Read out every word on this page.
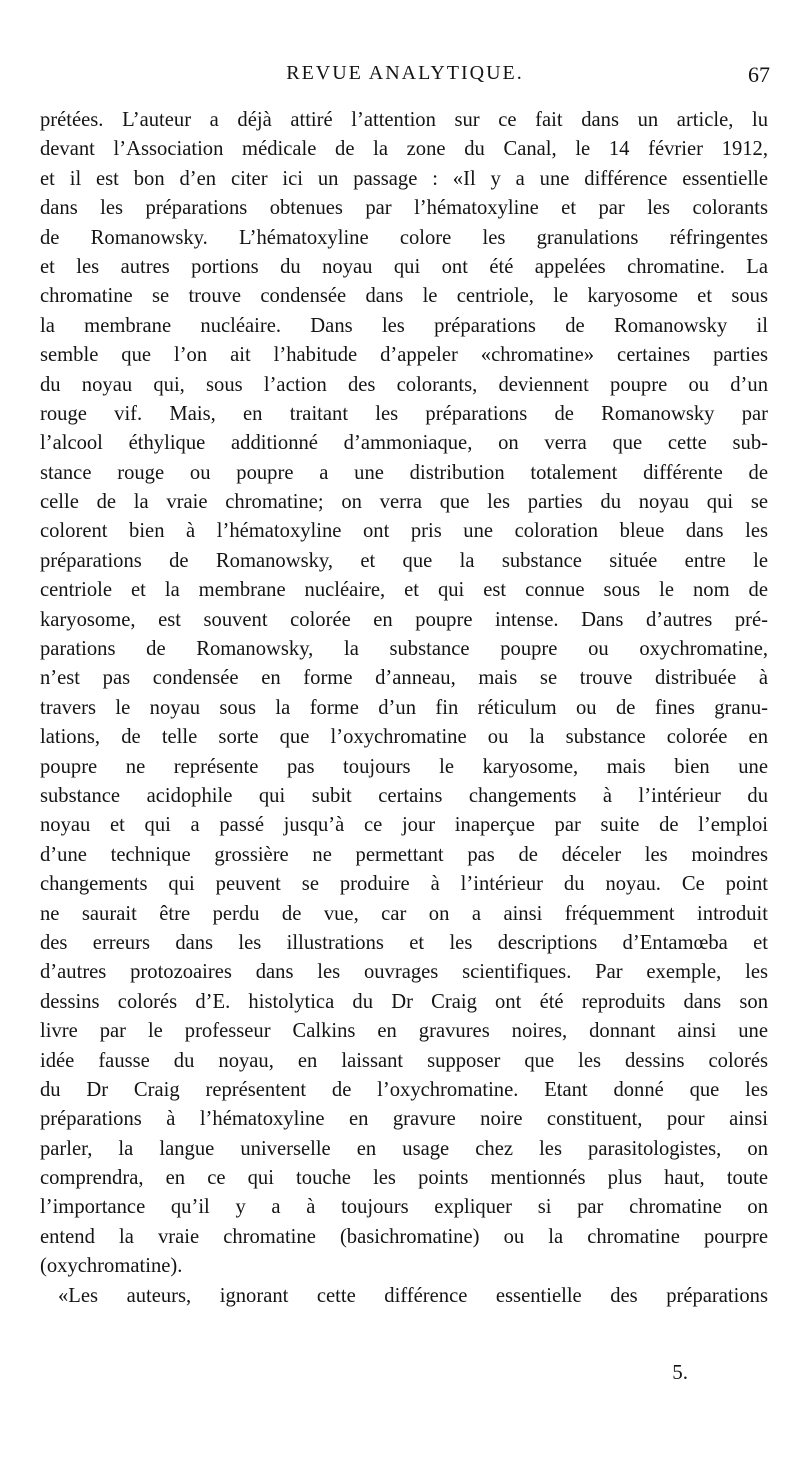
REVUE ANALYTIQUE.	67
prétées. L’auteur a déjà attiré l’attention sur ce fait dans un article, lu
devant l’Association médicale de la zone du Canal, le 14 février 1912,
et il est bon d’en citer ici un passage : «Il y a une différence essentielle
dans les préparations obtenues par l’hématoxyline et par les colorants
de Romanowsky. L’hématoxyline colore les granulations réfringentes
et les autres portions du noyau qui ont été appelées chromatine. La
chromatine se trouve condensée dans le centriole, le karyosome et sous
la membrane nucléaire. Dans les préparations de Romanowsky il
semble que l’on ait l’habitude d’appeler «chromatine» certaines parties
du noyau qui, sous l’action des colorants, deviennent poupre ou d’un
rouge vif. Mais, en traitant les préparations de Romanowsky par
l’alcool éthylique additionné d’ammoniaque, on verra que cette sub-
stance rouge ou poupre a une distribution totalement différente de
celle de la vraie chromatine; on verra que les parties du noyau qui se
colorent bien à l’hématoxyline ont pris une coloration bleue dans les
préparations de Romanowsky, et que la substance située entre le
centriole et la membrane nucléaire, et qui est connue sous le nom de
karyosome, est souvent colorée en poupre intense. Dans d’autres pré-
parations de Romanowsky, la substance poupre ou oxychromatine,
n’est pas condensée en forme d’anneau, mais se trouve distribuée à
travers le noyau sous la forme d’un fin réticulum ou de fines granu-
lations, de telle sorte que l’oxychromatine ou la substance colorée en
poupre ne représente pas toujours le karyosome, mais bien une
substance acidophile qui subit certains changements à l’intérieur du
noyau et qui a passé jusqu’à ce jour inaperçue par suite de l’emploi
d’une technique grossière ne permettant pas de déceler les moindres
changements qui peuvent se produire à l’intérieur du noyau. Ce point
ne saurait être perdu de vue, car on a ainsi fréquemment introduit
des erreurs dans les illustrations et les descriptions d’Entamœba et
d’autres protozoaires dans les ouvrages scientifiques. Par exemple, les
dessins colorés d’E. histolytica du Dr Craig ont été reproduits dans son
livre par le professeur Calkins en gravures noires, donnant ainsi une
idée fausse du noyau, en laissant supposer que les dessins colorés
du Dr Craig représentent de l’oxychromatine. Etant donné que les
préparations à l’hématoxyline en gravure noire constituent, pour ainsi
parler, la langue universelle en usage chez les parasitologistes, on
comprendra, en ce qui touche les points mentionnés plus haut, toute
l’importance qu’il y a à toujours expliquer si par chromatine on
entend la vraie chromatine (basichromatine) ou la chromatine pourpre
(oxychromatine).
«Les auteurs, ignorant cette différence essentielle des préparations
5.
